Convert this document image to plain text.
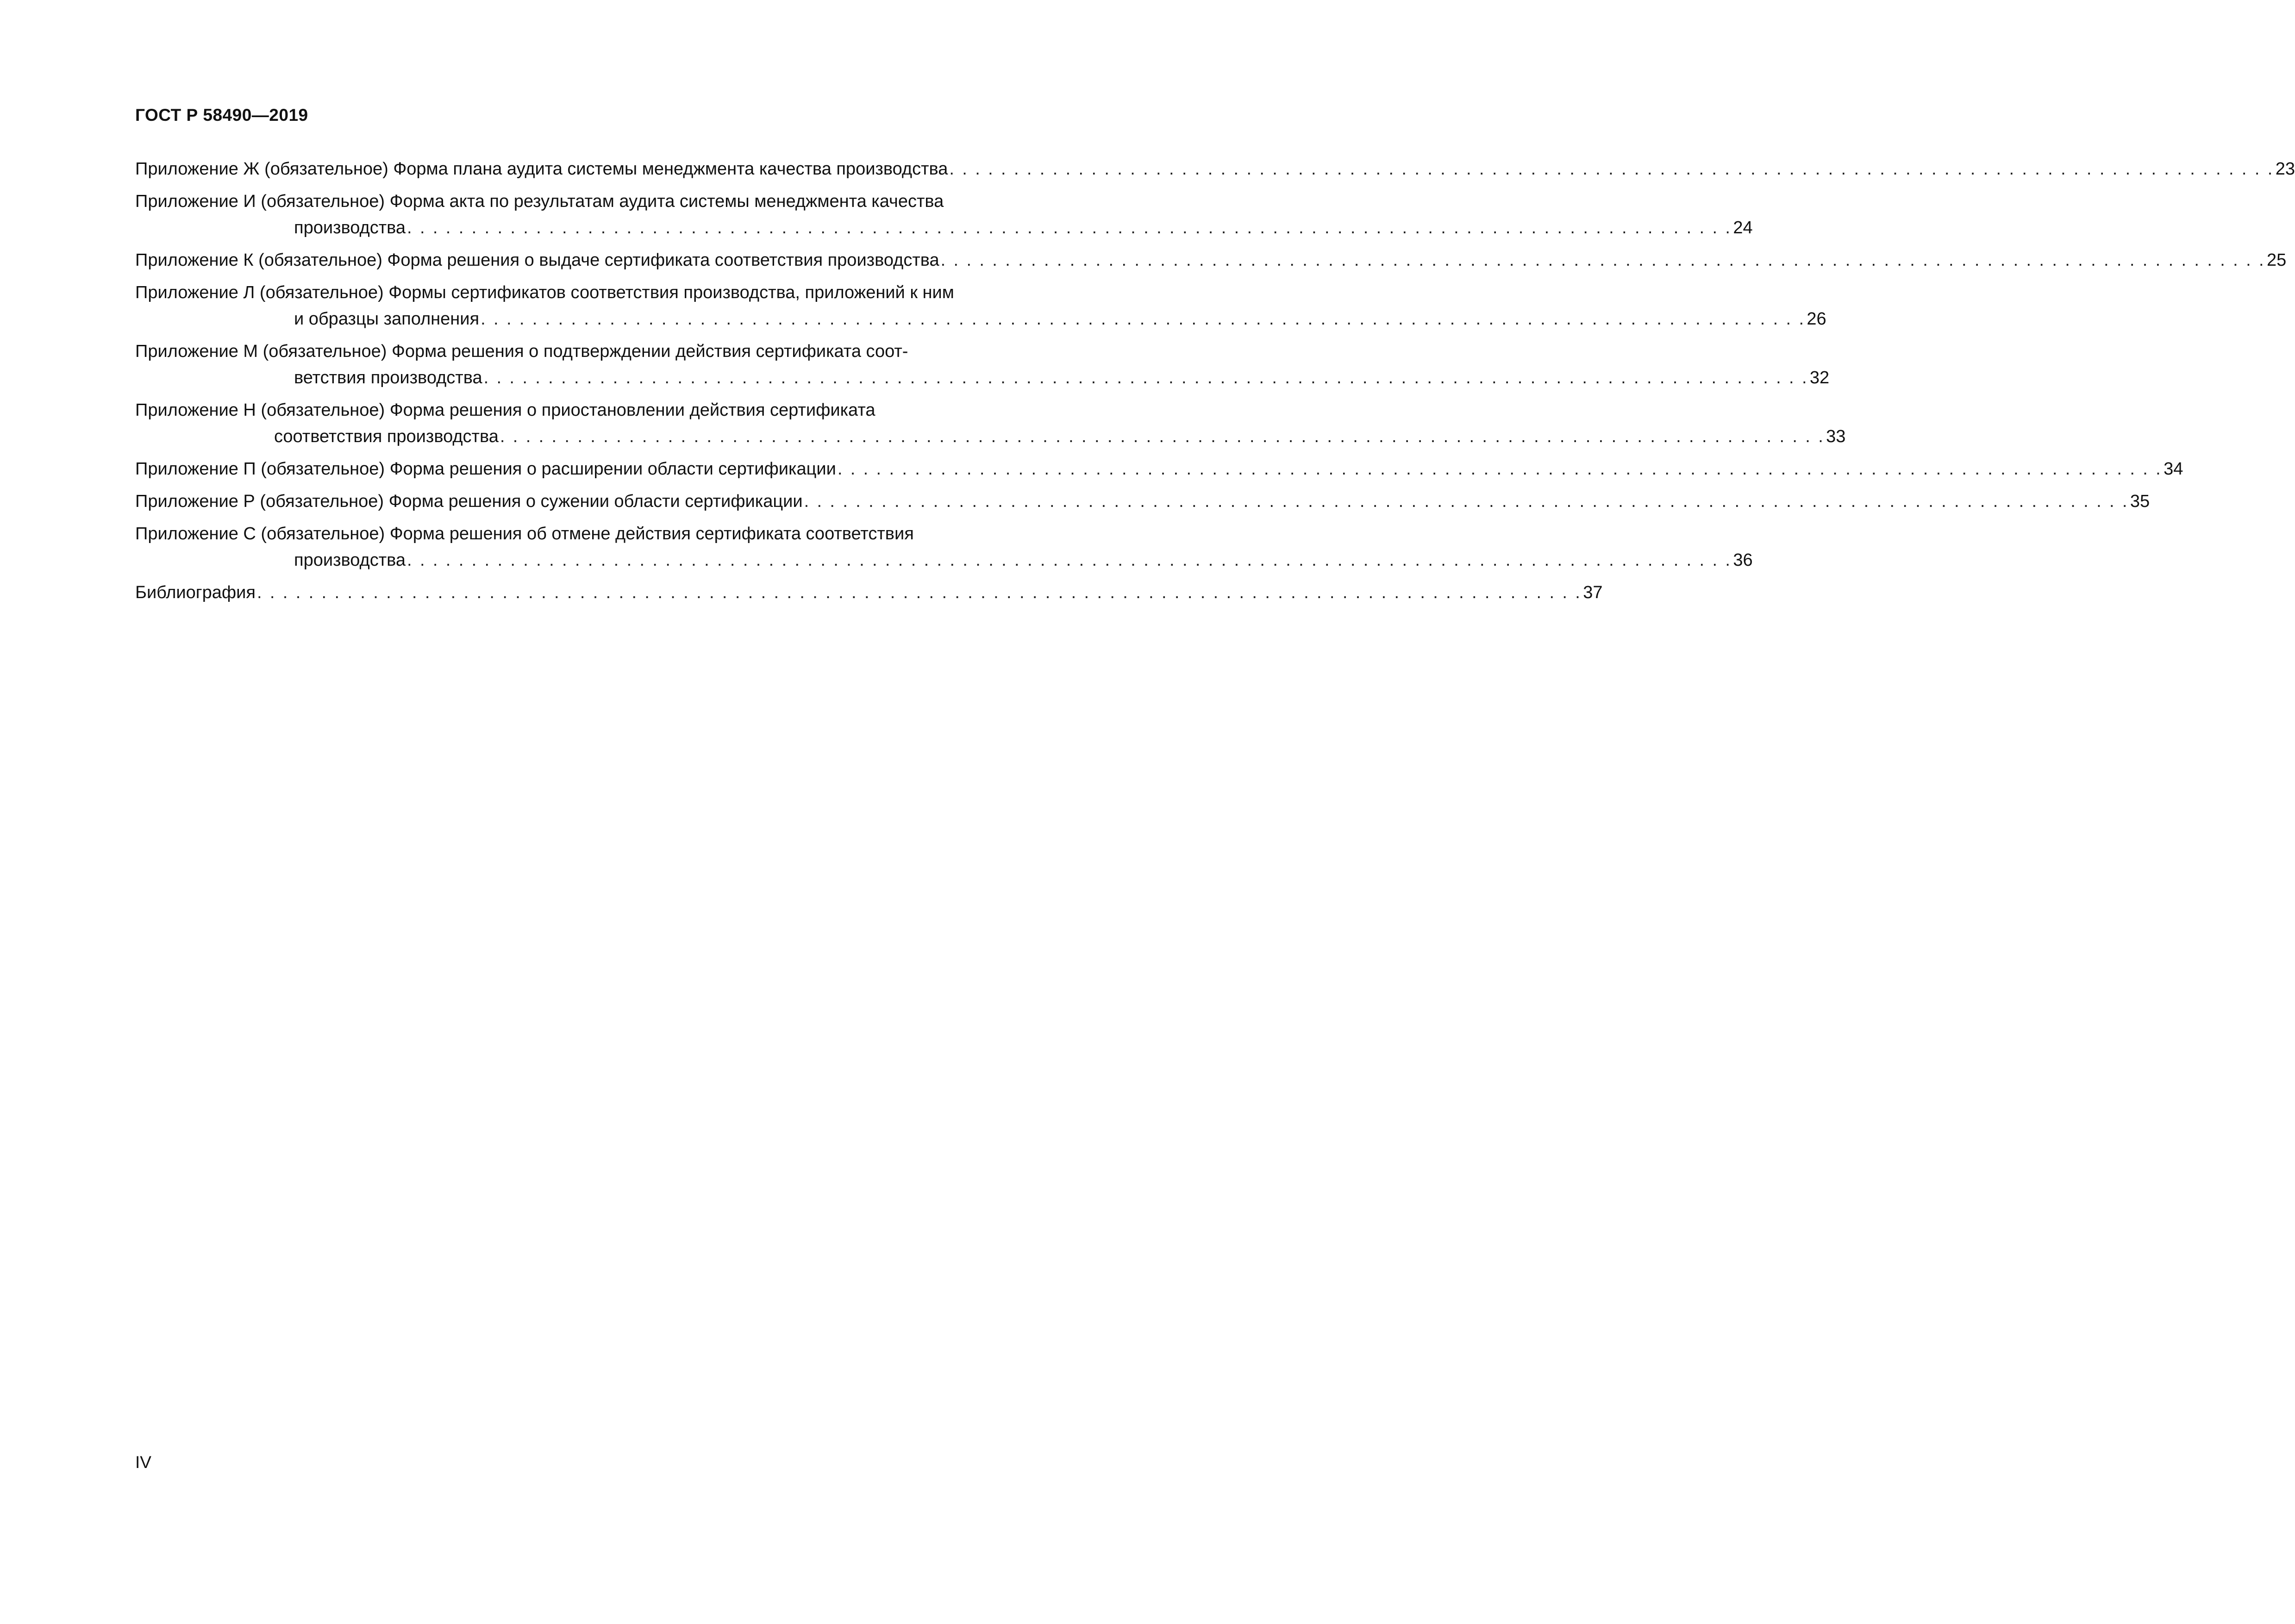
ГОСТ Р 58490—2019
Приложение Ж (обязательное) Форма плана аудита системы менеджмента качества производства . . . . . . . . . . . . . . . . . . . . . . . . . . . . . . . . . . . . . . . . . . . . . . . . . . . . . . . . . . . . . . . . . . . . . . . . . . . . . . . . . . . . . . . . . . . . . . . . . . . . . . . 23
Приложение И (обязательное) Форма акта по результатам аудита системы менеджмента качества
производства . . . . . . . . . . . . . . . . . . . . . . . . . . . . . . . . . . . . . . . . . . . . . . . . . . . . . . . . . . . . . . . . . . . . . . . . . . . . . . . . . . . . . . . . . . . . . . . . . . . . . . . 24
Приложение К (обязательное) Форма решения о выдаче сертификата соответствия производства . . . . . . . . . . . . . . . . . . . . . . . . . . . . . . . . . . . . . . . . . . . . . . . . . . . . . . . . . . . . . . . . . . . . . . . . . . . . . . . . . . . . . . . . . . . . . . . . . . . . . . . 25
Приложение Л (обязательное) Формы сертификатов соответствия производства, приложений к ним
и образцы заполнения . . . . . . . . . . . . . . . . . . . . . . . . . . . . . . . . . . . . . . . . . . . . . . . . . . . . . . . . . . . . . . . . . . . . . . . . . . . . . . . . . . . . . . . . . . . . . . . . . . . . . . . 26
Приложение М (обязательное) Форма решения о подтверждении действия сертификата соот-
ветствия производства . . . . . . . . . . . . . . . . . . . . . . . . . . . . . . . . . . . . . . . . . . . . . . . . . . . . . . . . . . . . . . . . . . . . . . . . . . . . . . . . . . . . . . . . . . . . . . . . . . . . . . . 32
Приложение Н (обязательное) Форма решения о приостановлении действия сертификата
соответствия производства . . . . . . . . . . . . . . . . . . . . . . . . . . . . . . . . . . . . . . . . . . . . . . . . . . . . . . . . . . . . . . . . . . . . . . . . . . . . . . . . . . . . . . . . . . . . . . . . . . . . . . . 33
Приложение П (обязательное) Форма решения о расширении области сертификации . . . . . . . . . . . . . . . . . . . . . . . . . . . . . . . . . . . . . . . . . . . . . . . . . . . . . . . . . . . . . . . . . . . . . . . . . . . . . . . . . . . . . . . . . . . . . . . . . . . . . . . 34
Приложение Р (обязательное) Форма решения о сужении области сертификации . . . . . . . . . . . . . . . . . . . . . . . . . . . . . . . . . . . . . . . . . . . . . . . . . . . . . . . . . . . . . . . . . . . . . . . . . . . . . . . . . . . . . . . . . . . . . . . . . . . . . . . 35
Приложение С (обязательное) Форма решения об отмене действия сертификата соответствия
производства . . . . . . . . . . . . . . . . . . . . . . . . . . . . . . . . . . . . . . . . . . . . . . . . . . . . . . . . . . . . . . . . . . . . . . . . . . . . . . . . . . . . . . . . . . . . . . . . . . . . . . . 36
Библиография . . . . . . . . . . . . . . . . . . . . . . . . . . . . . . . . . . . . . . . . . . . . . . . . . . . . . . . . . . . . . . . . . . . . . . . . . . . . . . . . . . . . . . . . . . . . . . . . . . . . . . . 37
IV
